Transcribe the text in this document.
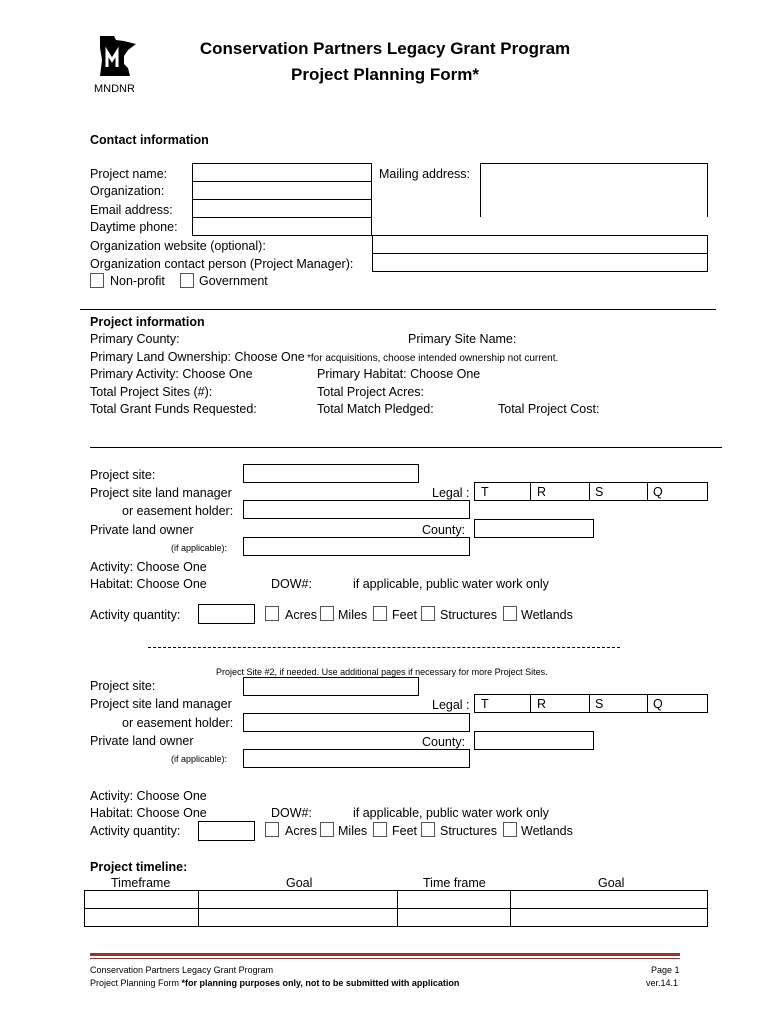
MNDNR
Conservation Partners Legacy Grant Program
Project Planning Form*
Contact information
Project name:
Organization:
Email address:
Daytime phone:
Organization website (optional):
Organization contact person (Project Manager):
Mailing address:
Non-profit	Government
Project information
Primary County:	Primary Site Name:
Primary Land Ownership: Choose One *for acquisitions, choose intended ownership not current.
Primary Activity: Choose One	Primary Habitat: Choose One
Total Project Sites (#):	Total Project Acres:
Total Grant Funds Requested:	Total Match Pledged:	Total Project Cost:
Project site:
Project site land manager
or easement holder:
Legal : T	R	S	Q
Private land owner
(if applicable):
County:
Activity: Choose One
Habitat: Choose One	DOW#:	if applicable, public water work only
Activity quantity:	Acres Miles Feet Structures Wetlands
Project Site #2, if needed. Use additional pages if necessary for more Project Sites.
Project site:
Project site land manager
or easement holder:
Legal : T	R	S	Q
Private land owner
(if applicable):
County:
Activity: Choose One
Habitat: Choose One	DOW#:	if applicable, public water work only
Activity quantity:	Acres Miles Feet Structures Wetlands
Project timeline:
Timeframe	Goal	Time frame	Goal
Conservation Partners Legacy Grant Program
Project Planning Form *for planning purposes only, not to be submitted with application
Page 1
ver.14.1
